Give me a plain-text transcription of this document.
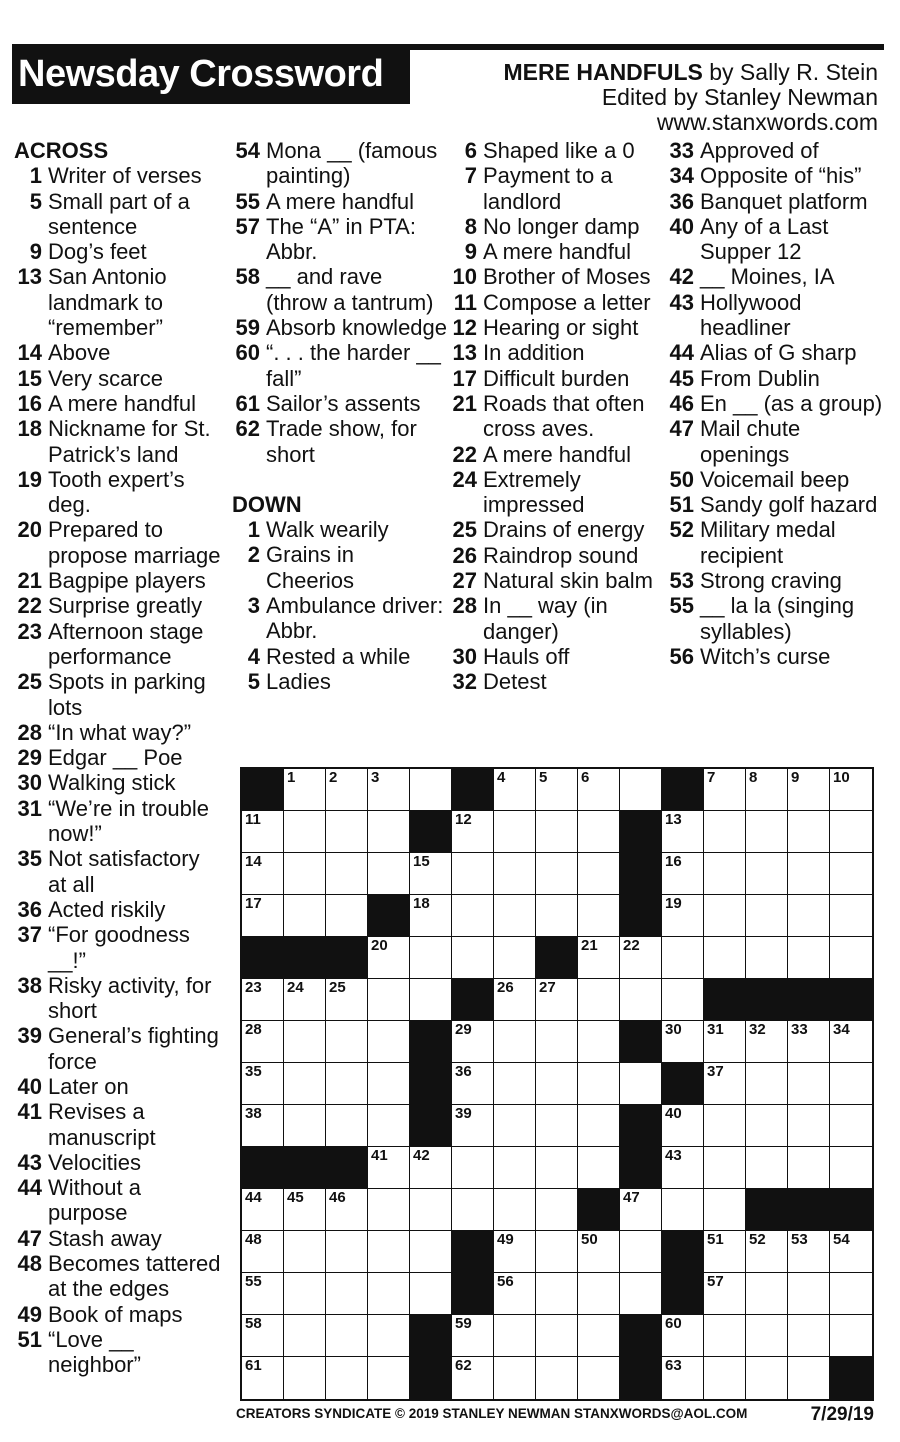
Newsday Crossword	MERE HANDFULS by Sally R. Stein
Edited by Stanley Newman
www.stanxwords.com
ACROSS
1 Writer of verses
5 Small part of a sentence
9 Dog’s feet
13 San Antonio landmark to “remember”
14 Above
15 Very scarce
16 A mere handful
18 Nickname for St. Patrick’s land
19 Tooth expert’s deg.
20 Prepared to propose marriage
21 Bagpipe players
22 Surprise greatly
23 Afternoon stage performance
25 Spots in parking lots
28 “In what way?”
29 Edgar __ Poe
30 Walking stick
31 “We’re in trouble now!”
35 Not satisfactory at all
36 Acted riskily
37 “For goodness __!”
38 Risky activity, for short
39 General’s fighting force
40 Later on
41 Revises a manuscript
43 Velocities
44 Without a purpose
47 Stash away
48 Becomes tattered at the edges
49 Book of maps
51 “Love __ neighbor”
54 Mona __ (famous painting)
55 A mere handful
57 The “A” in PTA: Abbr.
58 __ and rave (throw a tantrum)
59 Absorb knowledge
60 “. . . the harder __ fall”
61 Sailor’s assents
62 Trade show, for short
DOWN
1 Walk wearily
2 Grains in Cheerios
3 Ambulance driver: Abbr.
4 Rested a while
5 Ladies
6 Shaped like a 0
7 Payment to a landlord
8 No longer damp
9 A mere handful
10 Brother of Moses
11 Compose a letter
12 Hearing or sight
13 In addition
17 Difficult burden
21 Roads that often cross aves.
22 A mere handful
24 Extremely impressed
25 Drains of energy
26 Raindrop sound
27 Natural skin balm
28 In __ way (in danger)
30 Hauls off
32 Detest
33 Approved of
34 Opposite of “his”
36 Banquet platform
40 Any of a Last Supper 12
42 __ Moines, IA
43 Hollywood headliner
44 Alias of G sharp
45 From Dublin
46 En __ (as a group)
47 Mail chute openings
50 Voicemail beep
51 Sandy golf hazard
52 Military medal recipient
53 Strong craving
55 __ la la (singing syllables)
56 Witch’s curse
1 2 3	4 5 6	7 8 9 10
11	12	13
14	15	16
17	18	19
20	21 22
23 24 25	26 27
28	29	30 31 32 33 34
35	36	37
38	39	40
41 42	43
44 45 46	47
48	49	50	51 52 53 54
55	56	57
58	59	60
61	62	63
CREATORS SYNDICATE © 2019 STANLEY NEWMAN STANXWORDS@AOL.COM	7/29/19
